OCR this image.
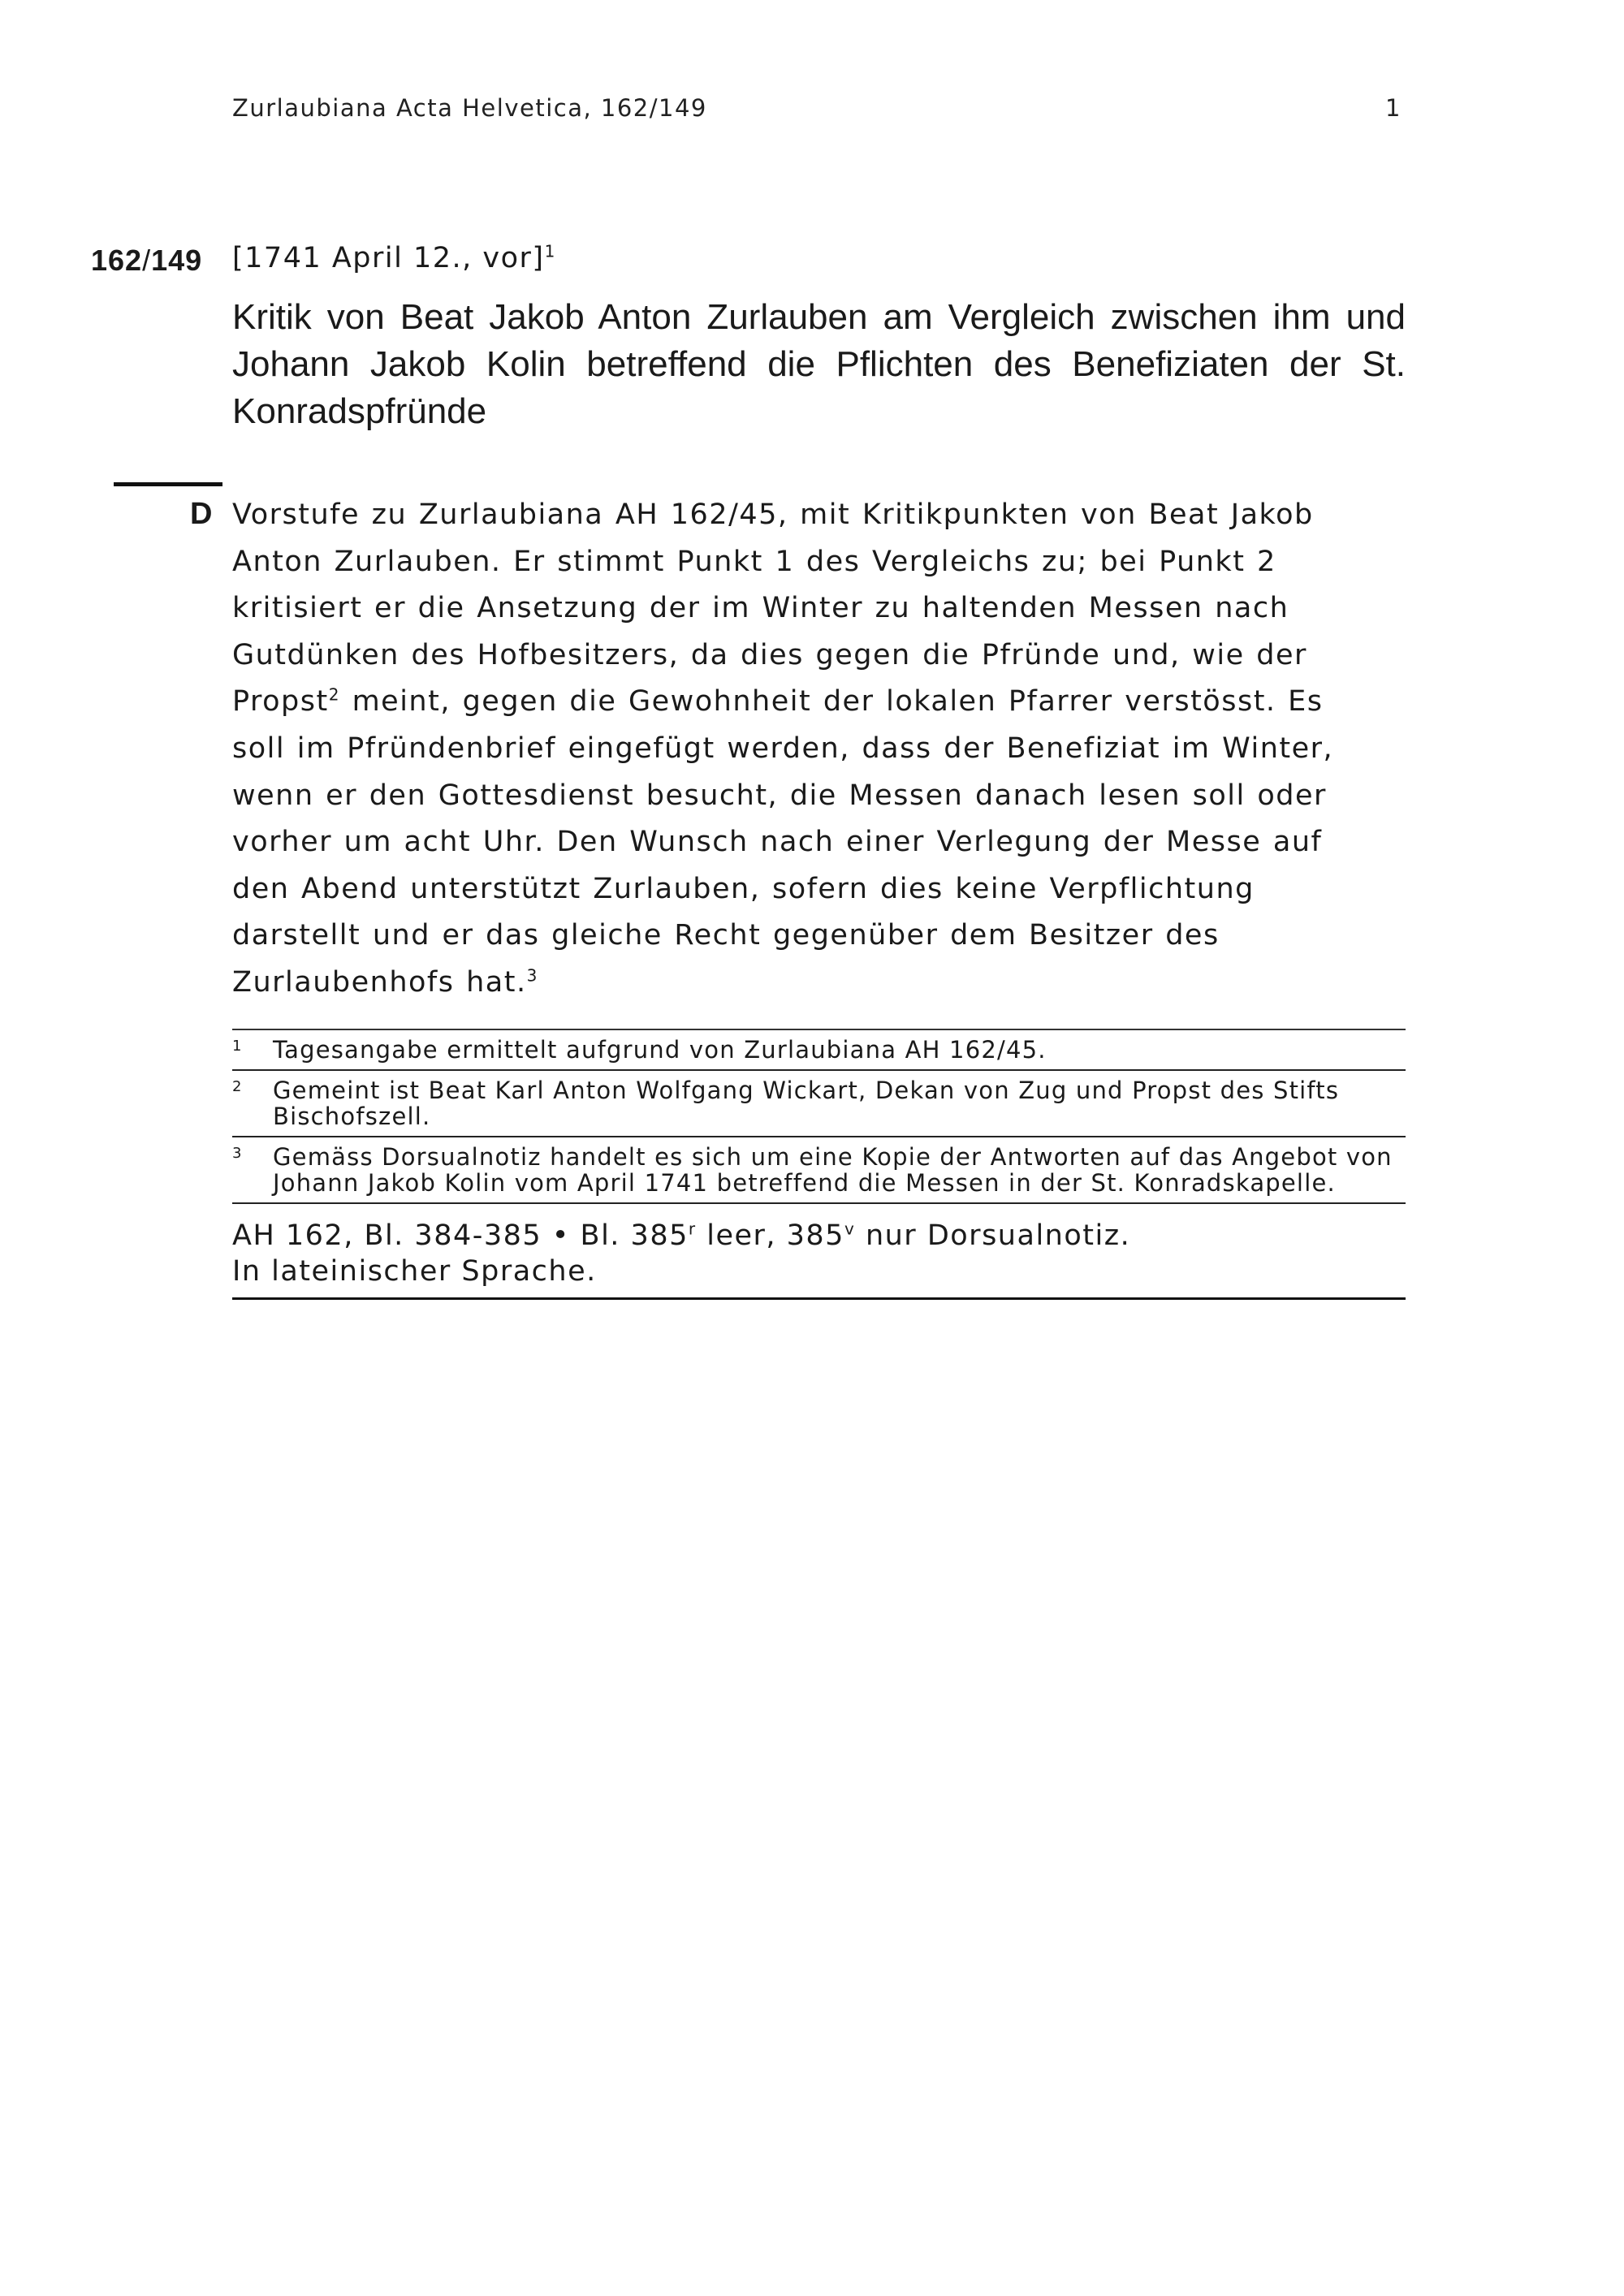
Zurlaubiana Acta Helvetica, 162/149	1
162/149 [1741 April 12., vor]$^1$
Kritik von Beat Jakob Anton Zurlauben am Vergleich zwischen ihm und Johann Jakob Kolin betreffend die Pflichten des Benefiziaten der St. Konradspfründe
D Vorstufe zu Zurlaubiana AH 162/45, mit Kritikpunkten von Beat Jakob Anton Zurlauben. Er stimmt Punkt 1 des Vergleichs zu; bei Punkt 2 kritisiert er die Ansetzung der im Winter zu haltenden Messen nach Gutdünken des Hofbesitzers, da dies gegen die Pfründe und, wie der Propst$^2$ meint, gegen die Gewohnheit der lokalen Pfarrer verstösst. Es soll im Pfründenbrief eingefügt werden, dass der Benefiziat im Winter, wenn er den Gottesdienst besucht, die Messen danach lesen soll oder vorher um acht Uhr. Den Wunsch nach einer Verlegung der Messe auf den Abend unterstützt Zurlauben, sofern dies keine Verpflichtung darstellt und er das gleiche Recht gegenüber dem Besitzer des Zurlaubenhofs hat.$^3$
1 Tagesangabe ermittelt aufgrund von Zurlaubiana AH 162/45.
2 Gemeint ist Beat Karl Anton Wolfgang Wickart, Dekan von Zug und Propst des Stifts Bischofszell.
3 Gemäss Dorsualnotiz handelt es sich um eine Kopie der Antworten auf das Angebot von Johann Jakob Kolin vom April 1741 betreffend die Messen in der St. Konradskapelle.
AH 162, Bl. 384-385 • Bl. 385$^r$ leer, 385$^v$ nur Dorsualnotiz.
In lateinischer Sprache.
